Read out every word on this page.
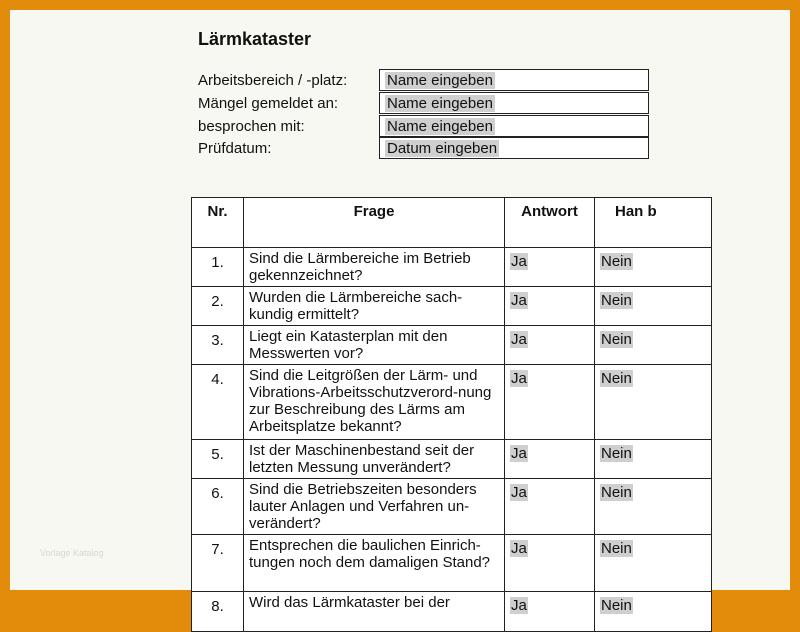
Lärmkataster
Arbeitsbereich / -platz:	Name eingeben
Mängel gemeldet an:	Name eingeben
besprochen mit:	Name eingeben
Prüfdatum:	Datum eingeben
Nr.	Frage	Antwort	Han b
1.	Sind die Lärmbereiche im Betrieb gekennzeichnet?	Ja	Nein
2.	Wurden die Lärmbereiche sach-kundig ermittelt?	Ja	Nein
3.	Liegt ein Katasterplan mit den Messwerten vor?	Ja	Nein
4.	Sind die Leitgrößen der Lärm- und Vibrations-Arbeitsschutzverord-nung zur Beschreibung des Lärms am Arbeitsplatze bekannt?	Ja	Nein
5.	Ist der Maschinenbestand seit der letzten Messung unverändert?	Ja	Nein
6.	Sind die Betriebszeiten besonders lauter Anlagen und Verfahren un-verändert?	Ja	Nein
7.	Entsprechen die baulichen Einrich-tungen noch dem damaligen Stand?	Ja	Nein
8.	Wird das Lärmkataster bei der	Ja	Nein
Vorlage Katalog
